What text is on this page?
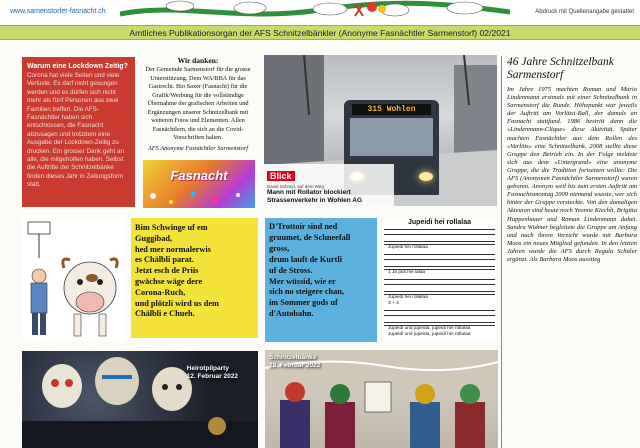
www.samenstorfer-fasnacht.ch	Abdruck mit Quellenangabe gestattet
Amtliches Publikationsorgan der AFS Schnitzelbänkler (Anonyme Fasnächtler Sarmenstorf) 02/2021
Warum eine Lockdown Zeitig?

Corona hat viele Seiten und viele Verluste. Es darf nicht gesungen werden und es dürfen sich nicht mehr als fünf Personen aus zwei Familien treffen. Die AFS-Fasnächtler haben sich entschlossen, die Fasnacht abzusagen und trotzdem eine Ausgabe der Lockdown-Zeitig zu drucken. Ein grosser Dank geht an alle, die mitgeholfen haben. Selbst die Auftritte der Schnitzelbänke finden dieses Jahr in Zeitungsform statt.

Wir danken:

Der Gemeinde Sarmenstorf für die grosse Unterstützung. Dem WA/BBA für das Gastrecht. Bio Saxer (Fasnacht) für die Grafik/Werbung für die vollständige Übernahme der grafischen Arbeiten und Ergänzungen unserer Schnitzelbank mit weiteren Fotos und Elementen. Allen Fasnächtlern, die sich an die Covid-Vorschriften halten.

AFS Anonyme Fasnächtler Sarmenstorf

Fasnacht
315 Wohlen
Blick
David Schmid, auf dem Weg
Mann mit Rollator blockiert Strassenverkehr in Wohlen AG
46 Jahre Schnitzelbank Sarmenstorf

Im Jahre 1975 machten Roman und Mario Lindenmann erstmals mit einer Schnitzelbank in Sarmenstorf die Runde. Höhepunkt war jeweils der Auftritt am Vorlätsi-Ball, der damals an Fasnacht stattfand. 1986 bestritt dann die «Lindenmann-Clique» diese Aktivität. Später machten Fasnächtler aus dem Rollen des «Varlöts» eine Schnitzelbank. 2008 stellte diese Gruppe den Betrieb ein. In der Folge meldete sich aus dem «Untergrund» eine anonyme Gruppe, die die Tradition fortsetzen wollte: Die AFS (Anonymen Fasnächtler Sarmenstorf) waren geboren. Anonym weil bis zum ersten Auftritt am Fasnachtsmontag 2009 niemand wusste, wer sich hinter der Gruppe versteckte. Von den damaligen Akteuren sind heute noch Yvonne Kiechli, Brigitta Huppenbauer und Roman Lindenmann dabei. Sandra Widmer begleitete die Gruppe am Anfang und nach ihrem Verzicht wurde mit Barbara Moos ein neues Mitglied gefunden. In den letzten Jahren wurde die AFS durch Regula Schüler ergänzt. Als Barbara Moos ausstieg

Bim Schwinge uf em

Guggibad,

hed mer normalerwis

es Chälbli parat.

Jetzt esch de Priis

gwächse wäge dere

Corona-Ruch,

und plötzli wird us dem

Chälbli e Chueh.

D'Trottoir sind ned

gruumet, de Schneefall

gross,

drum lauft de Kurtli

uf de Stross.

Mer wüssid, wie er

sich no steigere chan,

im Sommer gods uf

d'Autobahn.

Jupeidi hei rollalaa
Jupeidi hei rollalaa
1 Ja pidi hei lalaa
Jupeidi hei rollalaa
3 + 4
Jupeidi und jupeida, jupeidi hei rollalaa
Jupeidi und jupeida, jupeidi hei rollalaa
Heirotpilparty
12. Februar 2022
Schnitzelbänke
28. Februar 2022
